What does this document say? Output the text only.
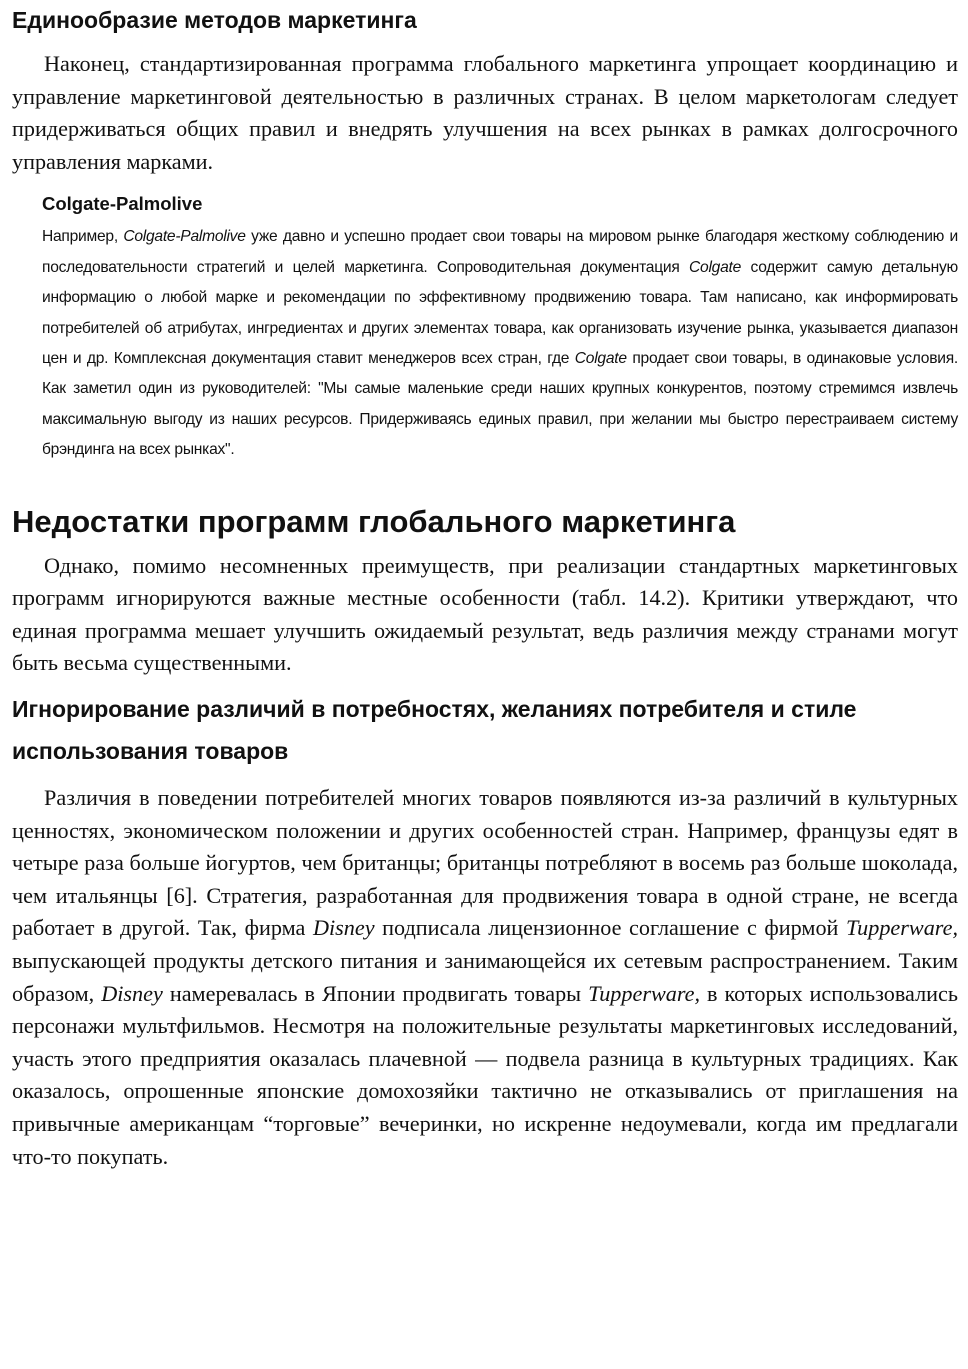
Единообразие методов маркетинга

Наконец, стандартизированная программа глобального маркетинга упрощает координацию и управление маркетинговой деятельностью в различных странах. В целом маркетологам следует придерживаться общих правил и внедрять улучшения на всех рынках в рамках долгосрочного управления марками.

Colgate-Palmolive

Например, Colgate-Palmolive уже давно и успешно продает свои товары на мировом рынке благодаря жесткому соблюдению и последовательности стратегий и целей маркетинга. Сопроводительная документация Colgate содержит самую детальную информацию о любой марке и рекомендации по эффективному продвижению товара. Там написано, как информировать потребителей об атрибутах, ингредиентах и других элементах товара, как организовать изучение рынка, указывается диапазон цен и др. Комплексная документация ставит менеджеров всех стран, где Colgate продает свои товары, в одинаковые условия. Как заметил один из руководителей: "Мы самые маленькие среди наших крупных конкурентов, поэтому стремимся извлечь максимальную выгоду из наших ресурсов. Придерживаясь единых правил, при желании мы быстро перестраиваем систему брэндинга на всех рынках".

Недостатки программ глобального маркетинга

Однако, помимо несомненных преимуществ, при реализации стандартных маркетинговых программ игнорируются важные местные особенности (табл. 14.2). Критики утверждают, что единая программа мешает улучшить ожидаемый результат, ведь различия между странами могут быть весьма существенными.

Игнорирование различий в потребностях, желаниях потребителя и стиле использования товаров

Различия в поведении потребителей многих товаров появляются из-за различий в культурных ценностях, экономическом положении и других особенностей стран. Например, французы едят в четыре раза больше йогуртов, чем британцы; британцы потребляют в восемь раз больше шоколада, чем итальянцы [6]. Стратегия, разработанная для продвижения товара в одной стране, не всегда работает в другой. Так, фирма Disney подписала лицензионное соглашение с фирмой Tupperware, выпускающей продукты детского питания и занимающейся их сетевым распространением. Таким образом, Disney намеревалась в Японии продвигать товары Tupperware, в которых использовались персонажи мультфильмов. Несмотря на положительные результаты маркетинговых исследований, участь этого предприятия оказалась плачевной — подвела разница в культурных традициях. Как оказалось, опрошенные японские домохозяйки тактично не отказывались от приглашения на привычные американцам “торговые” вечеринки, но искренне недоумевали, когда им предлагали что-то покупать.
